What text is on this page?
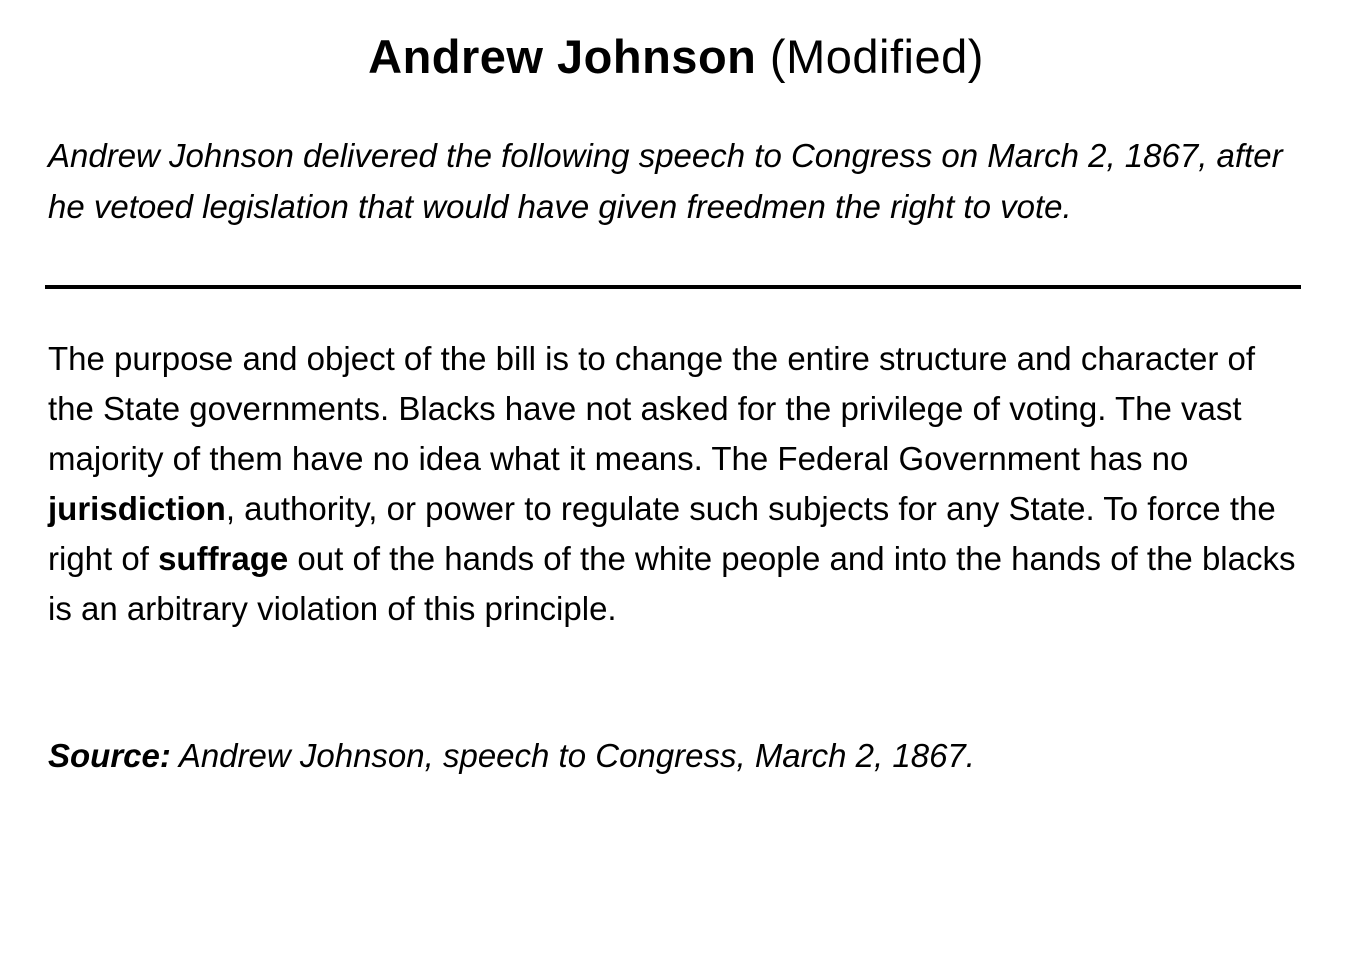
Andrew Johnson (Modified)

Andrew Johnson delivered the following speech to Congress on March 2, 1867, after he vetoed legislation that would have given freedmen the right to vote.

The purpose and object of the bill is to change the entire structure and character of the State governments. Blacks have not asked for the privilege of voting. The vast majority of them have no idea what it means. The Federal Government has no jurisdiction, authority, or power to regulate such subjects for any State. To force the right of suffrage out of the hands of the white people and into the hands of the blacks is an arbitrary violation of this principle.

Source: Andrew Johnson, speech to Congress, March 2, 1867.
